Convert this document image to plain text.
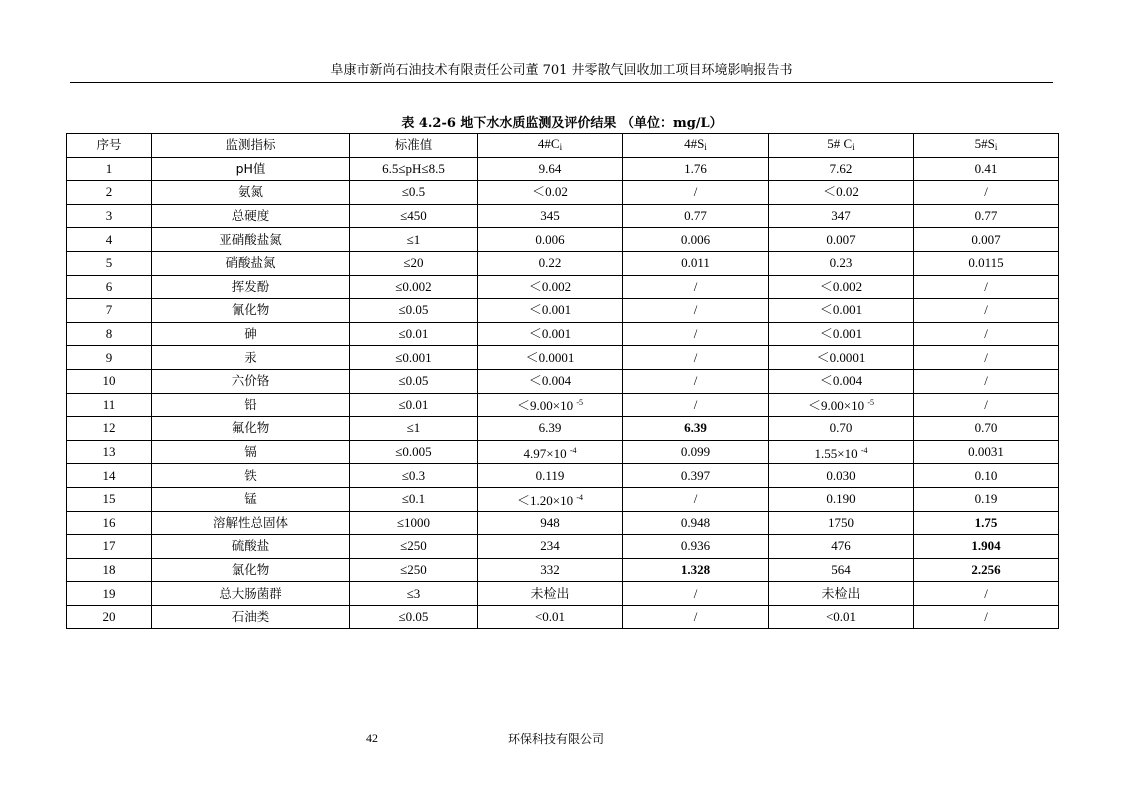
阜康市新尚石油技术有限责任公司董 701 井零散气回收加工项目环境影响报告书
表 4.2-6 地下水水质监测及评价结果 （单位：mg/L）
序号	监测指标	标准值	$4\#C_i$	$4\#S_i$	5# $C_i$	$5\#S_i$
1	pH值	6.5≤pH≤8.5	9.64	1.76	7.62	0.41
2	氨氮	≤0.5	＜0.02	/	＜0.02	/
3	总硬度	≤450	345	0.77	347	0.77
4	亚硝酸盐氮	≤1	0.006	0.006	0.007	0.007
5	硝酸盐氮	≤20	0.22	0.011	0.23	0.0115
6	挥发酚	≤0.002	＜0.002	/	＜0.002	/
7	氰化物	≤0.05	＜0.001	/	＜0.001	/
8	砷	≤0.01	＜0.001	/	＜0.001	/
9	汞	≤0.001	＜0.0001	/	＜0.0001	/
10	六价铬	≤0.05	＜0.004	/	＜0.004	/
11	铅	≤0.01	＜9.00×10 $^{-5}$	/	＜9.00×10 $^{-5}$	/
12	氟化物	≤1	6.39	6.39	0.70	0.70
13	镉	≤0.005	4.97×10 $^{-4}$	0.099	1.55×10 $^{-4}$	0.0031
14	铁	≤0.3	0.119	0.397	0.030	0.10
15	锰	≤0.1	＜1.20×10 $^{-4}$	/	0.190	0.19
16	溶解性总固体	≤1000	948	0.948	1750	1.75
17	硫酸盐	≤250	234	0.936	476	1.904
18	氯化物	≤250	332	1.328	564	2.256
19	总大肠菌群	≤3	未检出	/	未检出	/
20	石油类	≤0.05	<0.01	/	<0.01	/
42	环保科技有限公司
